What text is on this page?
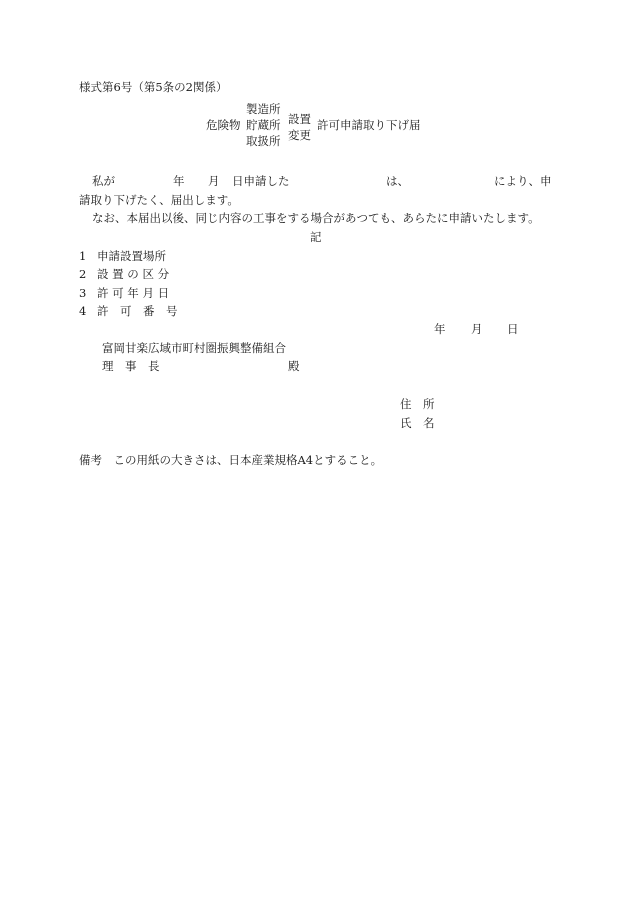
様式第6号（第5条の2関係）
危険物
製造所
貯蔵所
取扱所
設置
変更
許可申請取り下げ届
私が	年 月 日申請した	は、	により、申
請取り下げたく、届出します。
なお、本届出以後、同じ内容の工事をする場合があつても、あらたに申請いたします。
記
1 申請設置場所
2 設 置 の 区 分
3 許 可 年 月 日
4 許　可　番　号
年 月 日
富岡甘楽広域市町村圏振興整備組合
理　事　長	殿
住　所
氏　名
備考　この用紙の大きさは、日本産業規格A4とすること。
